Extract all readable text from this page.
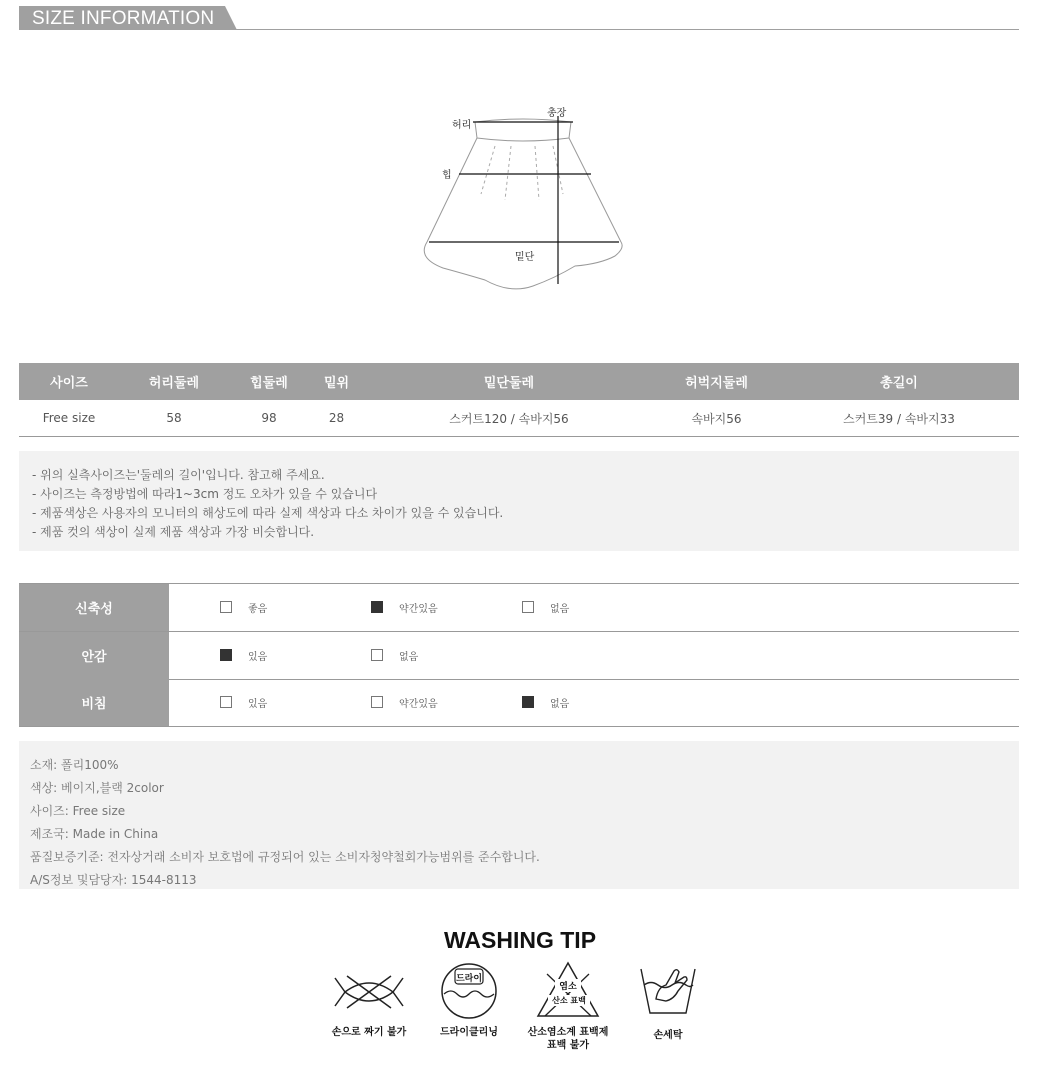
SIZE INFORMATION
허리
총장
힙
밑단
사이즈	허리둘레	힙둘레	밑위	밑단둘레	허벅지둘레	총길이
Free size	58	98	28	스커트120 / 속바지56	속바지56	스커트39 / 속바지33
- 위의 실측사이즈는'둘레의 길이'입니다. 참고해 주세요.
- 사이즈는 측정방법에 따라1~3cm 정도 오차가 있을 수 있습니다
- 제품색상은 사용자의 모니터의 해상도에 따라 실제 색상과 다소 차이가 있을 수 있습니다.
- 제품 컷의 색상이 실제 제품 색상과 가장 비슷합니다.
신축성	좋음	약간있음	없음
안감	있음	없음
비침	있음	약간있음	없음
소재: 폴리100%
색상: 베이지,블랙 2color
사이즈: Free size
제조국: Made in China
품질보증기준: 전자상거래 소비자 보호법에 규정되어 있는 소비자청약철회가능범위를 준수합니다.
A/S정보 및담당자: 1544-8113
WASHING TIP
손으로 짜기 불가
드라이
드라이클리닝
염소
산소 표백
산소염소계 표백제
표백 불가
손세탁
